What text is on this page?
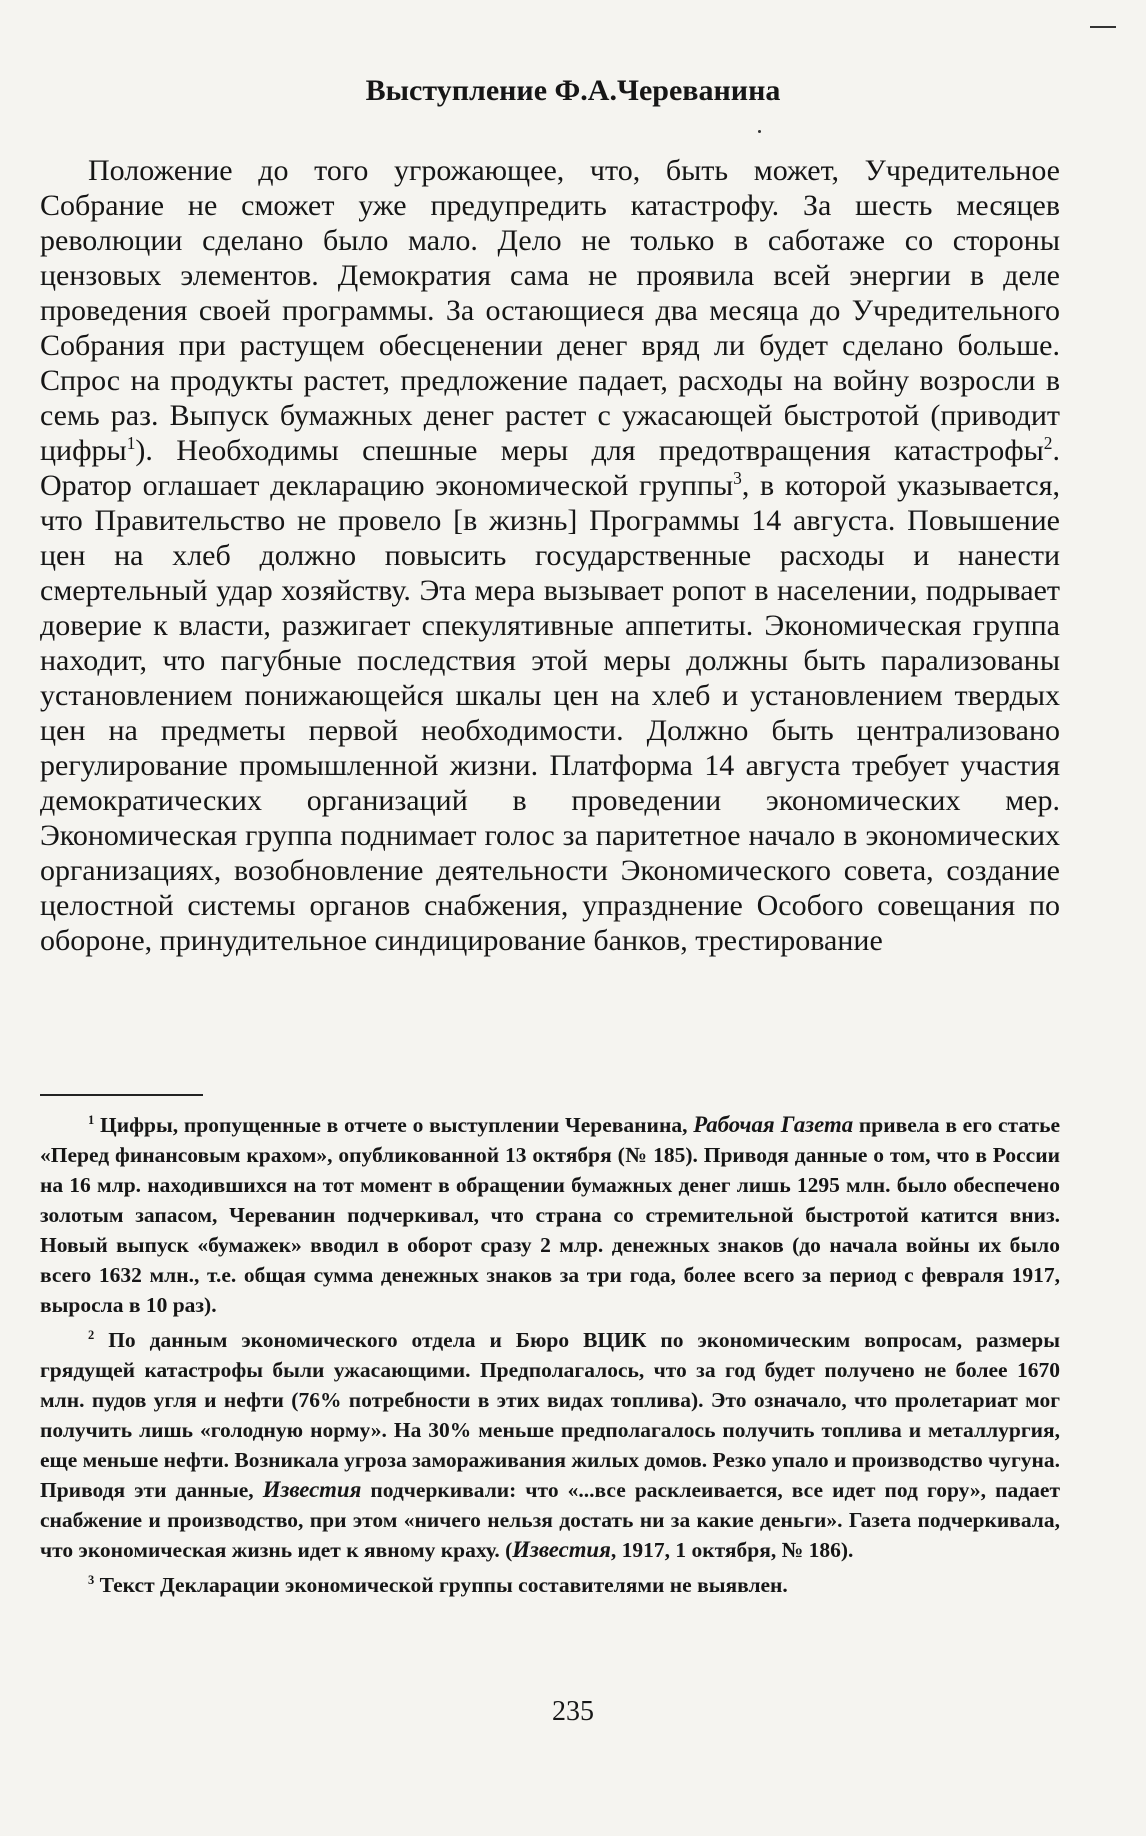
Выступление Ф.А.Череванина

Положение до того угрожающее, что, быть может, Учредительное Собрание не сможет уже предупредить катастрофу. За шесть месяцев революции сделано было мало. Дело не только в саботаже со стороны цензовых элементов. Демократия сама не проявила всей энергии в деле проведения своей программы. За остающиеся два месяца до Учредительного Собрания при растущем обесценении денег вряд ли будет сделано больше. Спрос на продукты растет, предложение падает, расходы на войну возросли в семь раз. Выпуск бумажных денег растет с ужасающей быстротой (приводит цифры$^1$). Необходимы спешные меры для предотвращения катастрофы$^2$. Оратор оглашает декларацию экономической группы$^3$, в которой указывается, что Правительство не провело [в жизнь] Программы 14 августа. Повышение цен на хлеб должно повысить государственные расходы и нанести смертельный удар хозяйству. Эта мера вызывает ропот в населении, подрывает доверие к власти, разжигает спекулятивные аппетиты. Экономическая группа находит, что пагубные последствия этой меры должны быть парализованы установлением понижающейся шкалы цен на хлеб и установлением твердых цен на предметы первой необходимости. Должно быть централизовано регулирование промышленной жизни. Платформа 14 августа требует участия демократических организаций в проведении экономических мер. Экономическая группа поднимает голос за паритетное начало в экономических организациях, возобновление деятельности Экономического совета, создание целостной системы органов снабжения, упразднение Особого совещания по обороне, принудительное синдицирование банков, трестирование

$^1$ Цифры, пропущенные в отчете о выступлении Череванина, Рабочая Газета привела в его статье «Перед финансовым крахом», опубликованной 13 октября (№ 185). Приводя данные о том, что в России на 16 млр. находившихся на тот момент в обращении бумажных денег лишь 1295 млн. было обеспечено золотым запасом, Череванин подчеркивал, что страна со стремительной быстротой катится вниз. Новый выпуск «бумажек» вводил в оборот сразу 2 млр. денежных знаков (до начала войны их было всего 1632 млн., т.е. общая сумма денежных знаков за три года, более всего за период с февраля 1917, выросла в 10 раз).

$^2$ По данным экономического отдела и Бюро ВЦИК по экономическим вопросам, размеры грядущей катастрофы были ужасающими. Предполагалось, что за год будет получено не более 1670 млн. пудов угля и нефти (76% потребности в этих видах топлива). Это означало, что пролетариат мог получить лишь «голодную норму». На 30% меньше предполагалось получить топлива и металлургия, еще меньше нефти. Возникала угроза замораживания жилых домов. Резко упало и производство чугуна. Приводя эти данные, Известия подчеркивали: что «...все расклеивается, все идет под гору», падает снабжение и производство, при этом «ничего нельзя достать ни за какие деньги». Газета подчеркивала, что экономическая жизнь идет к явному краху. (Известия, 1917, 1 октября, № 186).

$^3$ Текст Декларации экономической группы составителями не выявлен.

235
